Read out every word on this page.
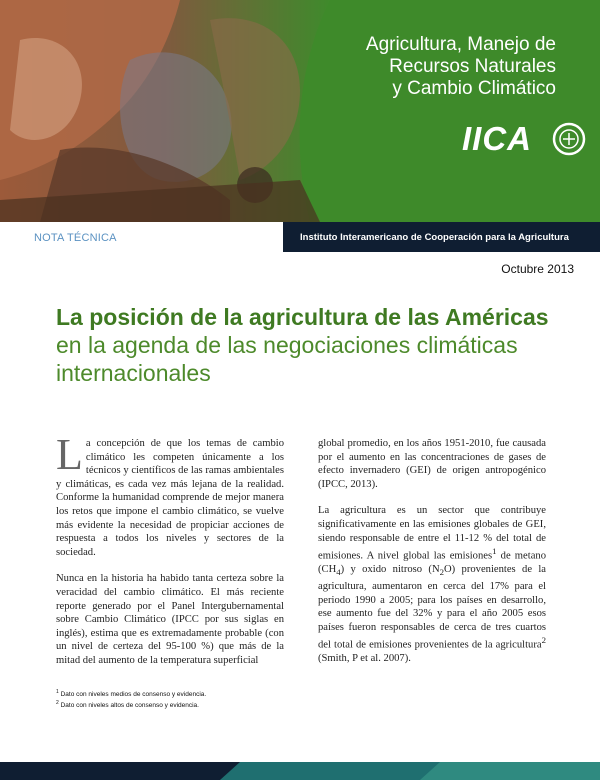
Agricultura, Manejo de
Recursos Naturales
y Cambio Climático
IICA
NOTA TÉCNICA	Instituto Interamericano de Cooperación para la Agricultura
Octubre 2013
La posición de la agricultura de las Américas en la agenda de las negociaciones climáticas internacionales

La concepción de que los temas de cambio climático les competen únicamente a los técnicos y científicos de las ramas ambientales y climáticas, es cada vez más lejana de la realidad. Conforme la humanidad comprende de mejor manera los retos que impone el cambio climático, se vuelve más evidente la necesidad de propiciar acciones de respuesta a todos los niveles y sectores de la sociedad.

Nunca en la historia ha habido tanta certeza sobre la veracidad del cambio climático. El más reciente reporte generado por el Panel Intergubernamental sobre Cambio Climático (IPCC por sus siglas en inglés), estima que es extremadamente probable (con un nivel de certeza del 95-100 %) que más de la mitad del aumento de la temperatura superficial

global promedio, en los años 1951-2010, fue causada por el aumento en las concentraciones de gases de efecto invernadero (GEI) de origen antropogénico (IPCC, 2013).

La agricultura es un sector que contribuye significativamente en las emisiones globales de GEI, siendo responsable de entre el 11-12 % del total de emisiones. A nivel global las emisiones$^1$ de metano $(CH_4)$ y oxido nitroso $(N_2O)$ provenientes de la agricultura, aumentaron en cerca del 17% para el periodo 1990 a 2005; para los países en desarrollo, ese aumento fue del 32% y para el año 2005 esos países fueron responsables de cerca de tres cuartos del total de emisiones provenientes de la agricultura$^2$ (Smith, P et al. 2007).

$^1$ Dato con niveles medios de consenso y evidencia.
$^2$ Dato con niveles altos de consenso y evidencia.
